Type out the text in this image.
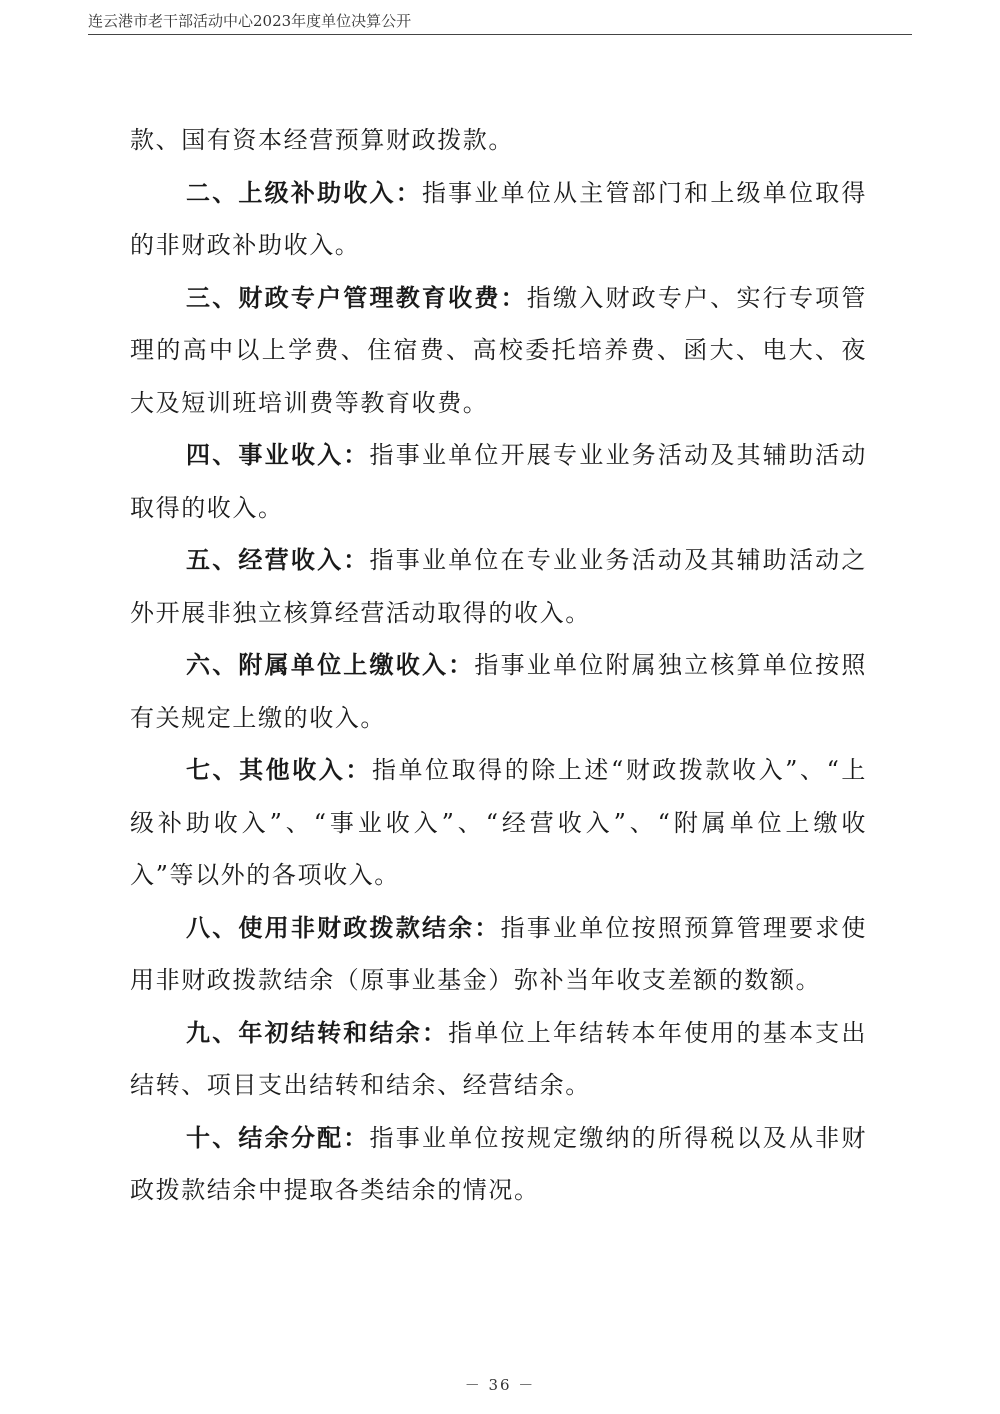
连云港市老干部活动中心2023年度单位决算公开

款、国有资本经营预算财政拨款。

二、上级补助收入：指事业单位从主管部门和上级单位取得的非财政补助收入。

三、财政专户管理教育收费：指缴入财政专户、实行专项管理的高中以上学费、住宿费、高校委托培养费、函大、电大、夜大及短训班培训费等教育收费。

四、事业收入：指事业单位开展专业业务活动及其辅助活动取得的收入。

五、经营收入：指事业单位在专业业务活动及其辅助活动之外开展非独立核算经营活动取得的收入。

六、附属单位上缴收入：指事业单位附属独立核算单位按照有关规定上缴的收入。

七、其他收入：指单位取得的除上述“财政拨款收入”、“上级补助收入”、“事业收入”、“经营收入”、“附属单位上缴收入”等以外的各项收入。

八、使用非财政拨款结余：指事业单位按照预算管理要求使用非财政拨款结余（原事业基金）弥补当年收支差额的数额。

九、年初结转和结余：指单位上年结转本年使用的基本支出结转、项目支出结转和结余、经营结余。

十、结余分配：指事业单位按规定缴纳的所得税以及从非财政拨款结余中提取各类结余的情况。

－ 36 －
